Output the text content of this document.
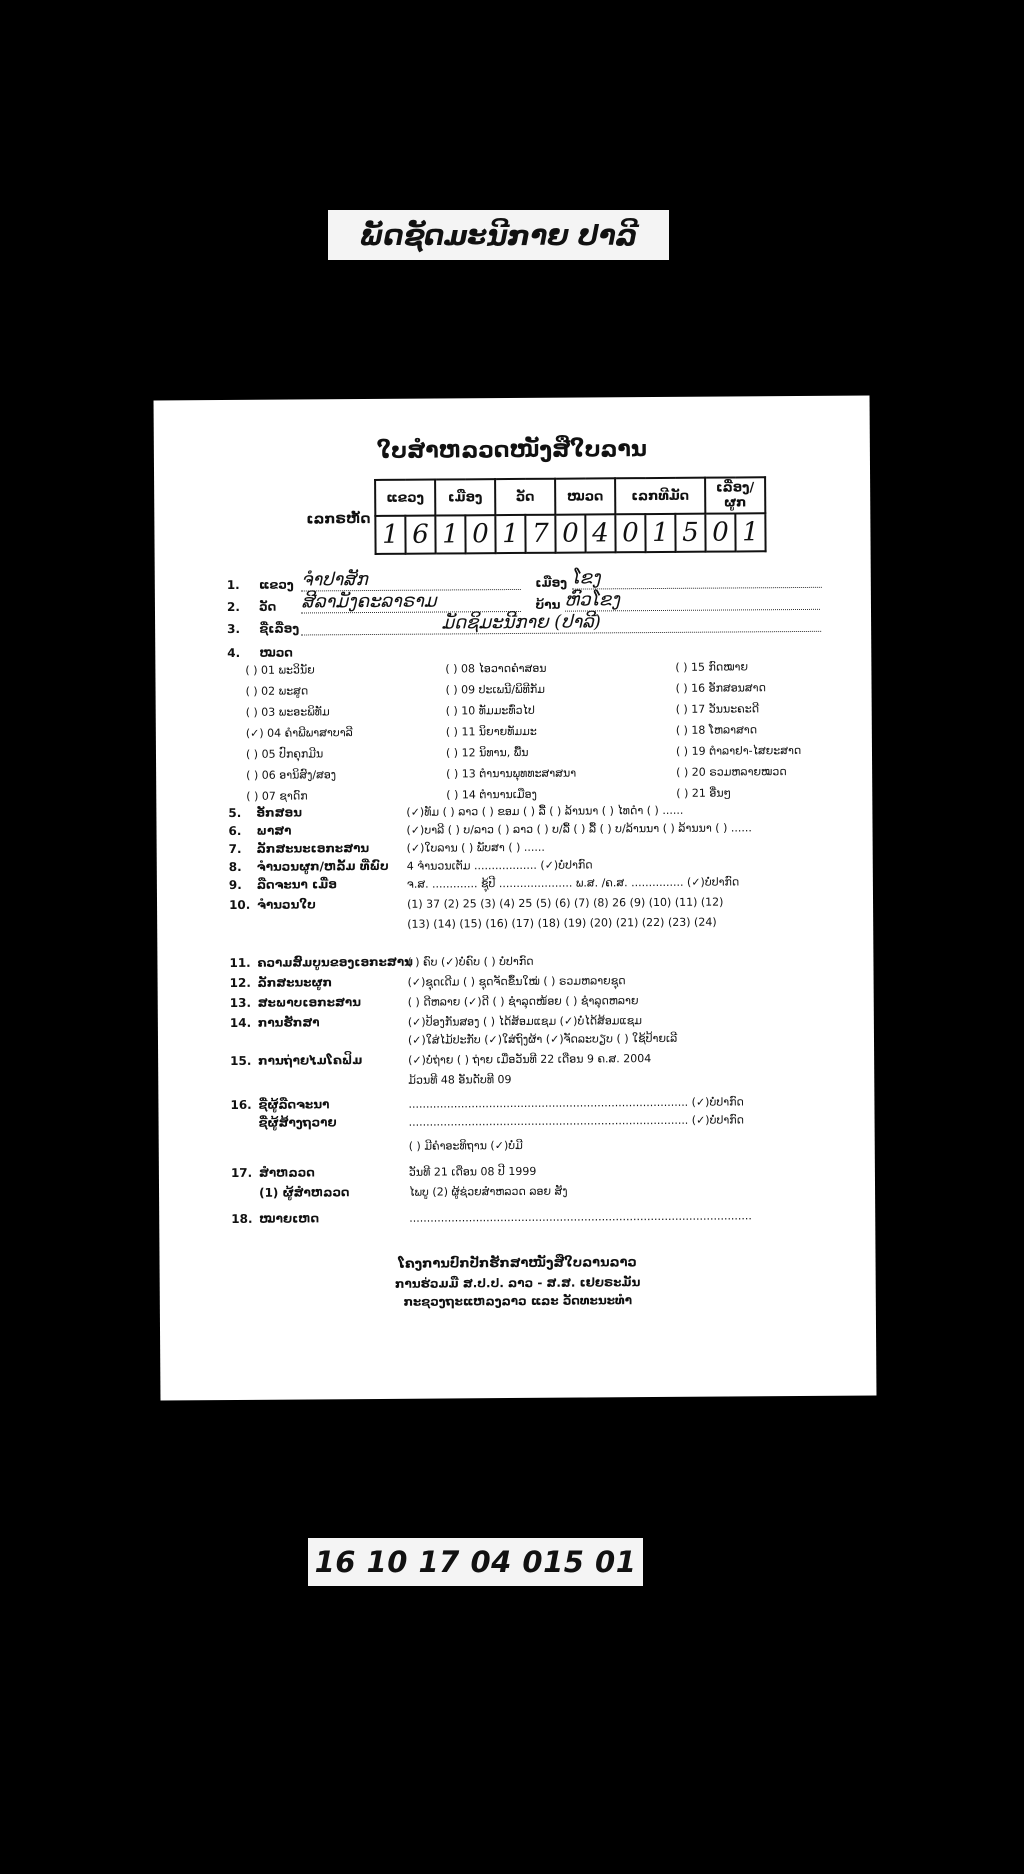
ພັດຊັດມະນີກາຍ ປາລີ
ໃບສຳຫລວດໜັງສືໃບລານ
ເລກຣຫັດ
ແຂວງ		ເມືອງ		ວັດ		ໝວດ		ເລກທີມັດ			ເລື່ອງ/ຜູກ	
1	6	1	0	1	7	0	4	0	1	5	0	1
1. ແຂວງ ຈຳປາສັກ	ເມືອງ ໂຂງ
2. ວັດ ສີລາມັງຄະລາຣາມ	ບ້ານ ຫົວໂຂງ
3. ຊື່ເລື່ອງ	ມັດຊິມະນີກາຍ (ປາລີ)
4. ໝວດ
( ) 01 ພະວິນັຍ	( ) 08 ໄອວາດຄຳສອນ	( ) 15 ກົດໝາຍ
( ) 02 ພະສູດ	( ) 09 ປະເພນີ/ພິທີກັມ	( ) 16 ອັກສອນສາດ
( ) 03 ພະອະພິທັມ	( ) 10 ທັມມະທົ່ວໄປ	( ) 17 ວັນນະຄະດີ
(✓) 04 ຄຳພີພາສາບາລີ	( ) 11 ນິຍາຍທັມມະ	( ) 18 ໂຫລາສາດ
( ) 05 ປົກຄຸກມີນ	( ) 12 ນິທານ, ພື້ນ	( ) 19 ຕຳລາຢາ-ໄສຍະສາດ
( ) 06 ອານິສົງ/ສອງ	( ) 13 ຕຳນານພຸທທະສາສນາ	( ) 20 ຣວມຫລາຍໝວດ
( ) 07 ຊາດົກ	( ) 14 ຕຳນານເມືອງ	( ) 21 ອື່ນໆ
5. ອັກສອນ	(✓)ທັມ ( ) ລາວ ( ) ຂອມ ( ) ລື້ ( ) ລ້ານນາ ( ) ໄທດຳ ( ) ......
6. ພາສາ	(✓)ບາລີ ( ) ບ/ລາວ ( ) ລາວ ( ) ບ/ລື້ ( ) ລື້ ( ) ບ/ລ້ານນາ ( ) ລ້ານນາ ( ) ......
7. ລັກສະນະເອກະສານ	(✓)ໃບລານ ( ) ພັບສາ ( ) ......
8. ຈຳນວນຜູກ/ຫລັ້ມ ທີ່ພົບ 4 ຈຳນວນເຕັມ .................. (✓)ບໍ່ປາກົດ
9. ລືດຈະນາ ເມື່ອ	ຈ.ສ. ............. ຊຸ້ປີ ..................... ພ.ສ. /ຄ.ສ. ............... (✓)ບໍ່ປາກົດ
10. ຈຳນວນໃບ	(1) 37 (2) 25 (3) (4) 25 (5) (6) (7) (8) 26 (9) (10) (11) (12)
(13) (14) (15) (16) (17) (18) (19) (20) (21) (22) (23) (24)
11. ຄວາມສົມບູນຂອງເອກະສານ( ) ຄົບ (✓)ບໍ່ຄົບ ( ) ບໍ່ປາກົດ
12. ລັກສະນະຜູກ	(✓)ຊຸດເດີມ ( ) ຊຸດຈັດຂຶ້ນໃໝ່ ( ) ຣວມຫລາຍຊຸດ
13. ສະພາບເອກະສານ	( ) ດີຫລາຍ (✓)ດີ ( ) ຊຳລຸດໜ້ອຍ ( ) ຊຳລຸດຫລາຍ
14. ການຮັກສາ	(✓)ປ້ອງກັນສອງ ( ) ໄດ້ສ້ອມແຊມ (✓)ບໍ່ໄດ້ສ້ອມແຊມ
(✓)ໃສ່ໄມ້ປະກັບ (✓)ໃສ່ຖົງຜ້າ (✓)ຈັດລະບຽບ ( ) ໃຊ້ປ້າຍເລີ
15. ການຖ່າຍໄມໂຄຟິມ	(✓)ບໍ່ຖ່າຍ ( ) ຖ່າຍ ເມື່ອວັນທີ 22 ເດືອນ 9 ຄ.ສ. 2004
ມ້ວນທີ 48 ອັນດັບທີ 09
16. ຊື່ຜູ້ລືດຈະນາ	................................................................................ (✓)ບໍ່ປາກົດ
ຊື່ຜູ້ສ້າງຖວາຍ	................................................................................ (✓)ບໍ່ປາກົດ
( ) ມີຄຳອະທິຖານ (✓)ບໍ່ມີ
17. ສຳຫລວດ	ວັນທີ 21 ເດືອນ 08 ປີ 1999
(1) ຜູ້ສຳຫລວດ	ໄພບູ (2) ຜູ້ຊ່ວຍສຳຫລວດ ລອຍ ສັງ
18. ໝາຍເຫດ	..................................................................................................
ໂຄງການປົກປັກຮັກສາໜັງສືໃບລານລາວ
ການຮ່ວມມື ສ.ປ.ປ. ລາວ - ສ.ສ. ເຢຍຣະມັນ
ກະຊວງຖະແຫລງລາວ ແລະ ວັດທະນະທຳ
16 10 17 04 015 01
